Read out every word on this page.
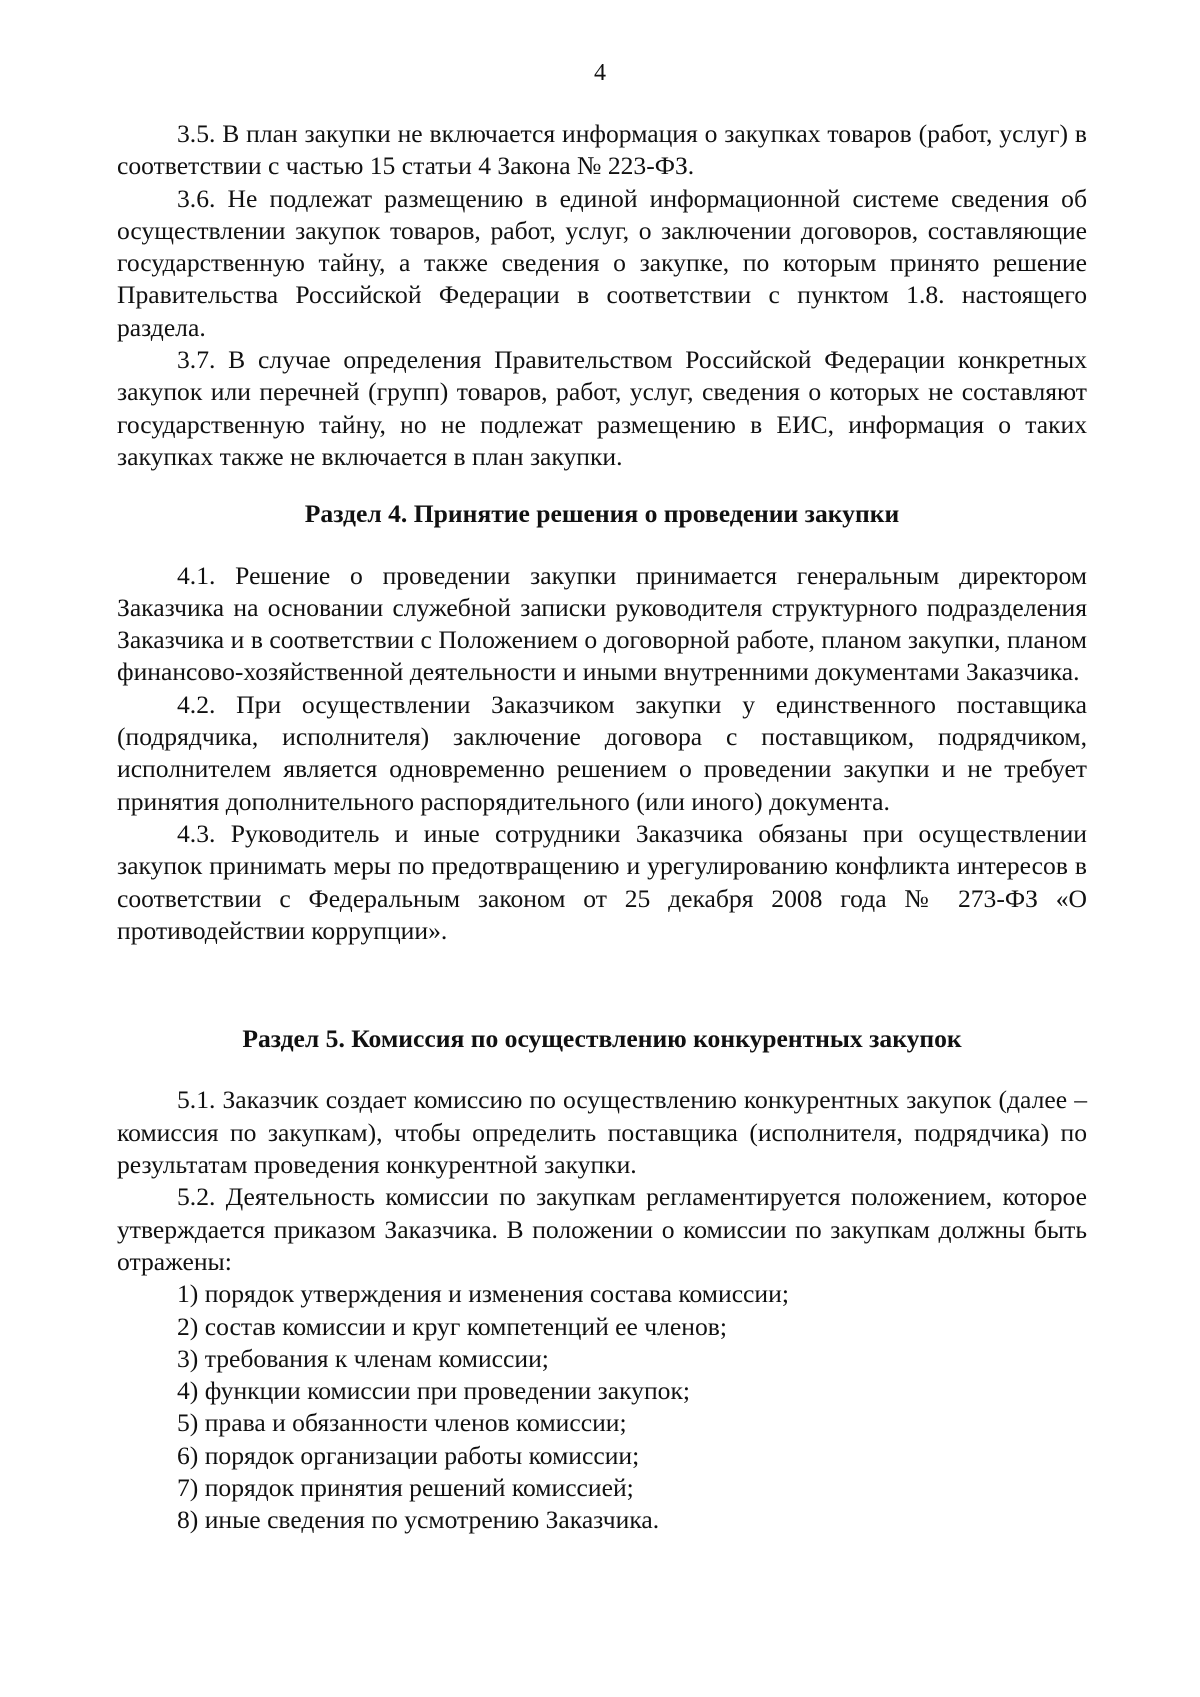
4

3.5. В план закупки не включается информация о закупках товаров (работ, услуг) в соответствии с частью 15 статьи 4 Закона № 223-ФЗ.

3.6. Не подлежат размещению в единой информационной системе сведения об осуществлении закупок товаров, работ, услуг, о заключении договоров, составляющие государственную тайну, а также сведения о закупке, по которым принято решение Правительства Российской Федерации в соответствии с пунктом 1.8. настоящего раздела.

3.7. В случае определения Правительством Российской Федерации конкретных закупок или перечней (групп) товаров, работ, услуг, сведения о которых не составляют государственную тайну, но не подлежат размещению в ЕИС, информация о таких закупках также не включается в план закупки.

Раздел 4. Принятие решения о проведении закупки

4.1. Решение о проведении закупки принимается генеральным директором Заказчика на основании служебной записки руководителя структурного подразделения Заказчика и в соответствии с Положением о договорной работе, планом закупки, планом финансово-хозяйственной деятельности и иными внутренними документами Заказчика.

4.2. При осуществлении Заказчиком закупки у единственного поставщика (подрядчика, исполнителя) заключение договора с поставщиком, подрядчиком, исполнителем является одновременно решением о проведении закупки и не требует принятия дополнительного распорядительного (или иного) документа.

4.3. Руководитель и иные сотрудники Заказчика обязаны при осуществлении закупок принимать меры по предотвращению и урегулированию конфликта интересов в соответствии с Федеральным законом от 25 декабря 2008 года № 273-ФЗ «О противодействии коррупции».

Раздел 5. Комиссия по осуществлению конкурентных закупок

5.1. Заказчик создает комиссию по осуществлению конкурентных закупок (далее – комиссия по закупкам), чтобы определить поставщика (исполнителя, подрядчика) по результатам проведения конкурентной закупки.

5.2. Деятельность комиссии по закупкам регламентируется положением, которое утверждается приказом Заказчика. В положении о комиссии по закупкам должны быть отражены:

1) порядок утверждения и изменения состава комиссии;

2) состав комиссии и круг компетенций ее членов;

3) требования к членам комиссии;

4) функции комиссии при проведении закупок;

5) права и обязанности членов комиссии;

6) порядок организации работы комиссии;

7) порядок принятия решений комиссией;

8) иные сведения по усмотрению Заказчика.
